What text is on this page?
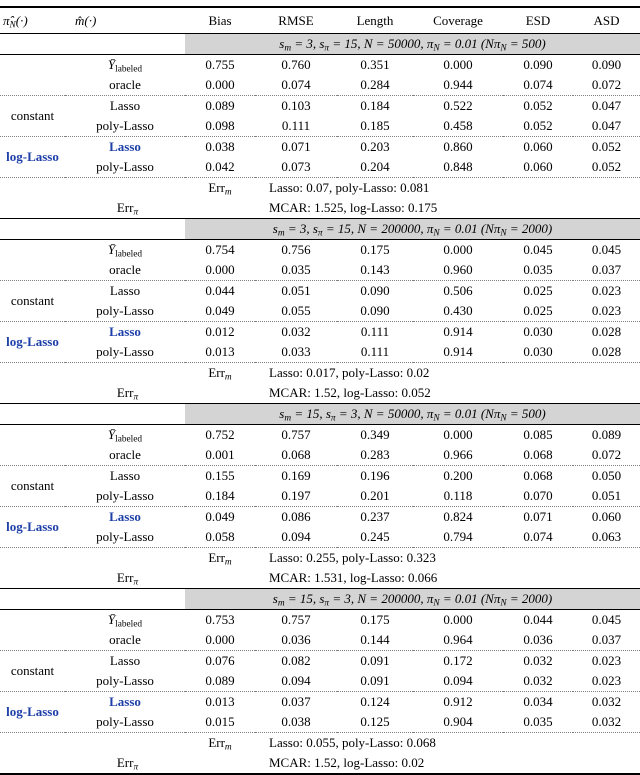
$\pî_N(\cdot)$	m̂(·)	Bias	RMSE	Length	Coverage	ESD	ASD
		$s_m = 3$, $s_\pi = 15$, N = 50000, $\pi_N = 0.01$ $(N\pi_N = 500)$					
	$Ȳ_{labeled}$	0.755	0.760	0.351	0.000	0.090	0.090
	oracle	0.000	0.074	0.284	0.944	0.074	0.072
constant	Lasso	0.089	0.103	0.184	0.522	0.052	0.047
	poly-Lasso	0.098	0.111	0.185	0.458	0.052	0.047
log-Lasso	Lasso	0.038	0.071	0.203	0.860	0.060	0.052
	poly-Lasso	0.042	0.073	0.204	0.848	0.060	0.052
		Err$_m$	Lasso: 0.07, poly-Lasso: 0.081				
Err$_\pi$			MCAR: 1.525, log-Lasso: 0.175				
		$s_m = 3$, $s_\pi = 15$, N = 200000, $\pi_N = 0.01$ $(N\pi_N = 2000)$					
	$Ȳ_{labeled}$	0.754	0.756	0.175	0.000	0.045	0.045
	oracle	0.000	0.035	0.143	0.960	0.035	0.037
constant	Lasso	0.044	0.051	0.090	0.506	0.025	0.023
	poly-Lasso	0.049	0.055	0.090	0.430	0.025	0.023
log-Lasso	Lasso	0.012	0.032	0.111	0.914	0.030	0.028
	poly-Lasso	0.013	0.033	0.111	0.914	0.030	0.028
		Err$_m$	Lasso: 0.017, poly-Lasso: 0.02				
Err$_\pi$			MCAR: 1.52, log-Lasso: 0.052				
		$s_m = 15$, $s_\pi = 3$, N = 50000, $\pi_N = 0.01$ $(N\pi_N = 500)$					
	$Ȳ_{labeled}$	0.752	0.757	0.349	0.000	0.085	0.089
	oracle	0.001	0.068	0.283	0.966	0.068	0.072
constant	Lasso	0.155	0.169	0.196	0.200	0.068	0.050
	poly-Lasso	0.184	0.197	0.201	0.118	0.070	0.051
log-Lasso	Lasso	0.049	0.086	0.237	0.824	0.071	0.060
	poly-Lasso	0.058	0.094	0.245	0.794	0.074	0.063
		Err$_m$	Lasso: 0.255, poly-Lasso: 0.323				
Err$_\pi$			MCAR: 1.531, log-Lasso: 0.066				
		$s_m = 15$, $s_\pi = 3$, N = 200000, $\pi_N = 0.01$ $(N\pi_N = 2000)$					
	$Ȳ_{labeled}$	0.753	0.757	0.175	0.000	0.044	0.045
	oracle	0.000	0.036	0.144	0.964	0.036	0.037
constant	Lasso	0.076	0.082	0.091	0.172	0.032	0.023
	poly-Lasso	0.089	0.094	0.091	0.094	0.032	0.023
log-Lasso	Lasso	0.013	0.037	0.124	0.912	0.034	0.032
	poly-Lasso	0.015	0.038	0.125	0.904	0.035	0.032
		Err$_m$	Lasso: 0.055, poly-Lasso: 0.068				
Err$_\pi$			MCAR: 1.52, log-Lasso: 0.02				
